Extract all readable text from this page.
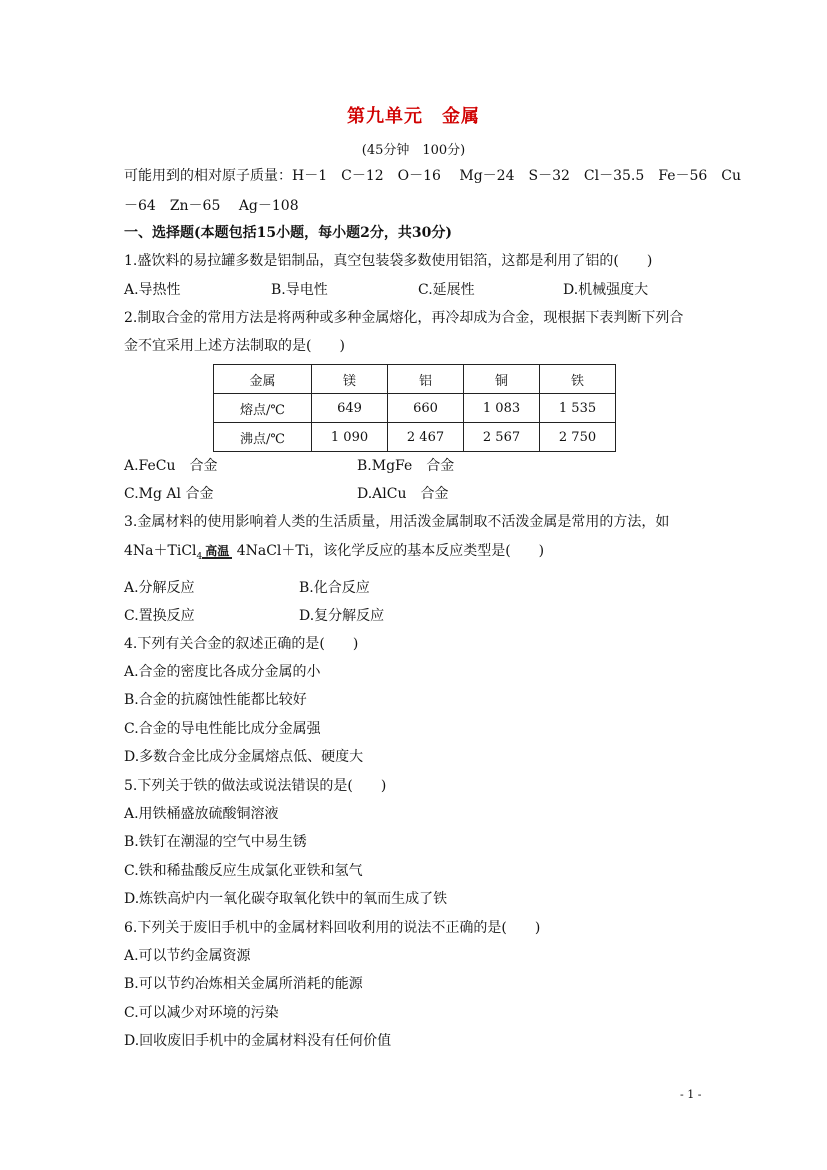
第九单元　金属
(45分钟　100分)
可能用到的相对原子质量：H－1　C－12　O－16　 Mg－24　S－32　Cl－35.5　Fe－56　Cu
－64　Zn－65　 Ag－108
一、选择题(本题包括15小题，每小题2分，共30分)
1.盛饮料的易拉罐多数是铝制品，真空包装袋多数使用铝箔，这都是利用了铝的(　　)
A.导热性	B.导电性	C.延展性	D.机械强度大
2.制取合金的常用方法是将两种或多种金属熔化，再冷却成为合金，现根据下表判断下列合
金不宜采用上述方法制取的是(　　)
金属	镁	铝	铜	铁
熔点/℃	649	660	1 083	1 535
沸点/℃	1 090	2 467	2 567	2 750
A.FeCu　合金	B.MgFe　合金
C.Mg Al 合金	D.AlCu　合金
3.金属材料的使用影响着人类的生活质量，用活泼金属制取不活泼金属是常用的方法，如
4Na＋TiCl$_4$ 高温
4NaCl＋Ti，该化学反应的基本反应类型是(　　)
A.分解反应	B.化合反应
C.置换反应	D.复分解反应
4.下列有关合金的叙述正确的是(　　)
A.合金的密度比各成分金属的小
B.合金的抗腐蚀性能都比较好
C.合金的导电性能比成分金属强
D.多数合金比成分金属熔点低、硬度大
5.下列关于铁的做法或说法错误的是(　　)
A.用铁桶盛放硫酸铜溶液
B.铁钉在潮湿的空气中易生锈
C.铁和稀盐酸反应生成氯化亚铁和氢气
D.炼铁高炉内一氧化碳夺取氧化铁中的氧而生成了铁
6.下列关于废旧手机中的金属材料回收利用的说法不正确的是(　　)
A.可以节约金属资源
B.可以节约冶炼相关金属所消耗的能源
C.可以减少对环境的污染
D.回收废旧手机中的金属材料没有任何价值
- 1 -
